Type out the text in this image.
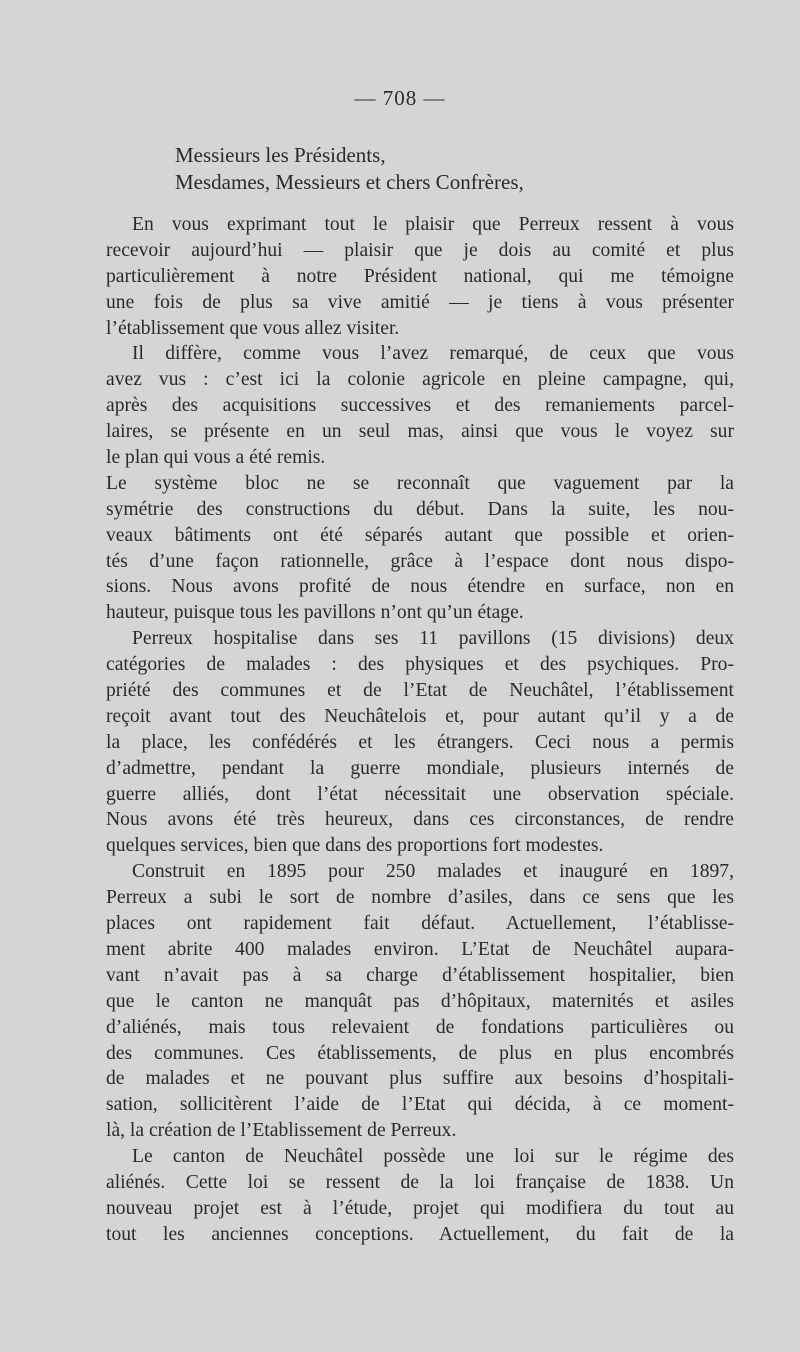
— 708 —
Messieurs les Présidents,
Mesdames, Messieurs et chers Confrères,
En vous exprimant tout le plaisir que Perreux ressent à vous
recevoir aujourd’hui — plaisir que je dois au comité et plus
particulièrement à notre Président national, qui me témoigne
une fois de plus sa vive amitié — je tiens à vous présenter
l’établissement que vous allez visiter.
Il diffère, comme vous l’avez remarqué, de ceux que vous
avez vus : c’est ici la colonie agricole en pleine campagne, qui,
après des acquisitions successives et des remaniements parcel-
laires, se présente en un seul mas, ainsi que vous le voyez sur
le plan qui vous a été remis.
Le système bloc ne se reconnaît que vaguement par la
symétrie des constructions du début. Dans la suite, les nou-
veaux bâtiments ont été séparés autant que possible et orien-
tés d’une façon rationnelle, grâce à l’espace dont nous dispo-
sions. Nous avons profité de nous étendre en surface, non en
hauteur, puisque tous les pavillons n’ont qu’un étage.
Perreux hospitalise dans ses 11 pavillons (15 divisions) deux
catégories de malades : des physiques et des psychiques. Pro-
priété des communes et de l’Etat de Neuchâtel, l’établissement
reçoit avant tout des Neuchâtelois et, pour autant qu’il y a de
la place, les confédérés et les étrangers. Ceci nous a permis
d’admettre, pendant la guerre mondiale, plusieurs internés de
guerre alliés, dont l’état nécessitait une observation spéciale.
Nous avons été très heureux, dans ces circonstances, de rendre
quelques services, bien que dans des proportions fort modestes.
Construit en 1895 pour 250 malades et inauguré en 1897,
Perreux a subi le sort de nombre d’asiles, dans ce sens que les
places ont rapidement fait défaut. Actuellement, l’établisse-
ment abrite 400 malades environ. L’Etat de Neuchâtel aupara-
vant n’avait pas à sa charge d’établissement hospitalier, bien
que le canton ne manquât pas d’hôpitaux, maternités et asiles
d’aliénés, mais tous relevaient de fondations particulières ou
des communes. Ces établissements, de plus en plus encombrés
de malades et ne pouvant plus suffire aux besoins d’hospitali-
sation, sollicitèrent l’aide de l’Etat qui décida, à ce moment-
là, la création de l’Etablissement de Perreux.
Le canton de Neuchâtel possède une loi sur le régime des
aliénés. Cette loi se ressent de la loi française de 1838. Un
nouveau projet est à l’étude, projet qui modifiera du tout au
tout les anciennes conceptions. Actuellement, du fait de la
